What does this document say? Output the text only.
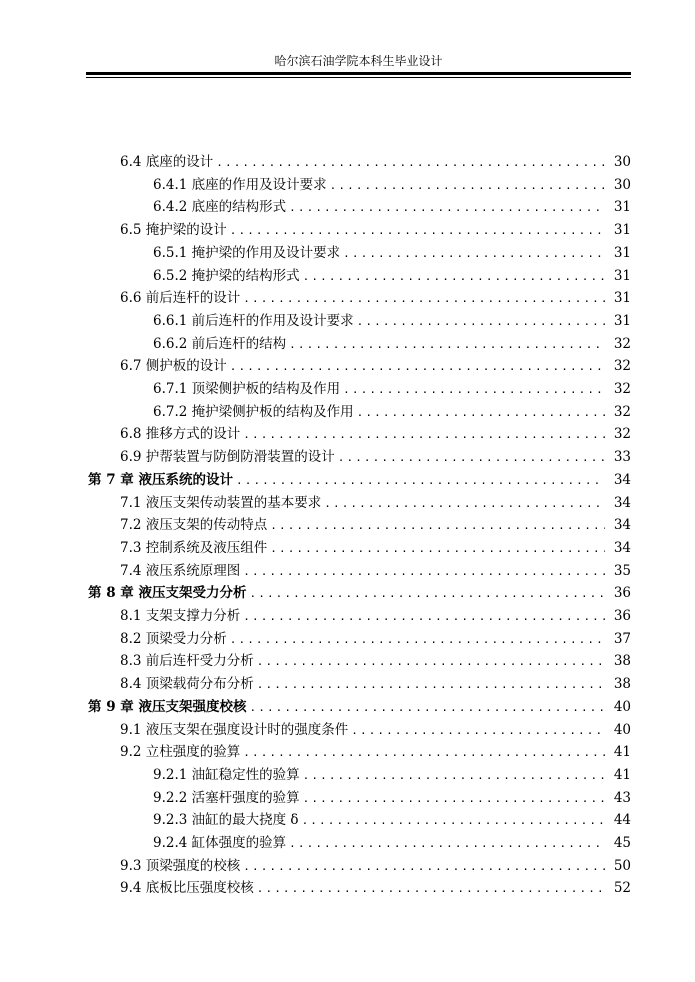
哈尔滨石油学院本科生毕业设计
6.4 底座的设计 .....	30
6.4.1 底座的作用及设计要求 .....	30
6.4.2 底座的结构形式 .....	31
6.5 掩护梁的设计 .....	31
6.5.1 掩护梁的作用及设计要求 .....	31
6.5.2 掩护梁的结构形式 .....	31
6.6 前后连杆的设计 .....	31
6.6.1 前后连杆的作用及设计要求 .....	31
6.6.2 前后连杆的结构 .....	32
6.7 侧护板的设计 .....	32
6.7.1 顶梁侧护板的结构及作用 .....	32
6.7.2 掩护梁侧护板的结构及作用 .....	32
6.8 推移方式的设计 .....	32
6.9 护帮装置与防倒防滑装置的设计 .....	33
第 7 章 液压系统的设计 .....	34
7.1 液压支架传动装置的基本要求 .....	34
7.2 液压支架的传动特点 .....	34
7.3 控制系统及液压组件 .....	34
7.4 液压系统原理图 .....	35
第 8 章 液压支架受力分析 .....	36
8.1 支架支撑力分析 .....	36
8.2 顶梁受力分析 .....	37
8.3 前后连杆受力分析 .....	38
8.4 顶梁载荷分布分析 .....	38
第 9 章 液压支架强度校核 .....	40
9.1 液压支架在强度设计时的强度条件 .....	40
9.2 立柱强度的验算 .....	41
9.2.1 油缸稳定性的验算 .....	41
9.2.2 活塞杆强度的验算 .....	43
9.2.3 油缸的最大挠度 δ .....	44
9.2.4 缸体强度的验算 .....	45
9.3 顶梁强度的校核 .....	50
9.4 底板比压强度校核 .....	52
